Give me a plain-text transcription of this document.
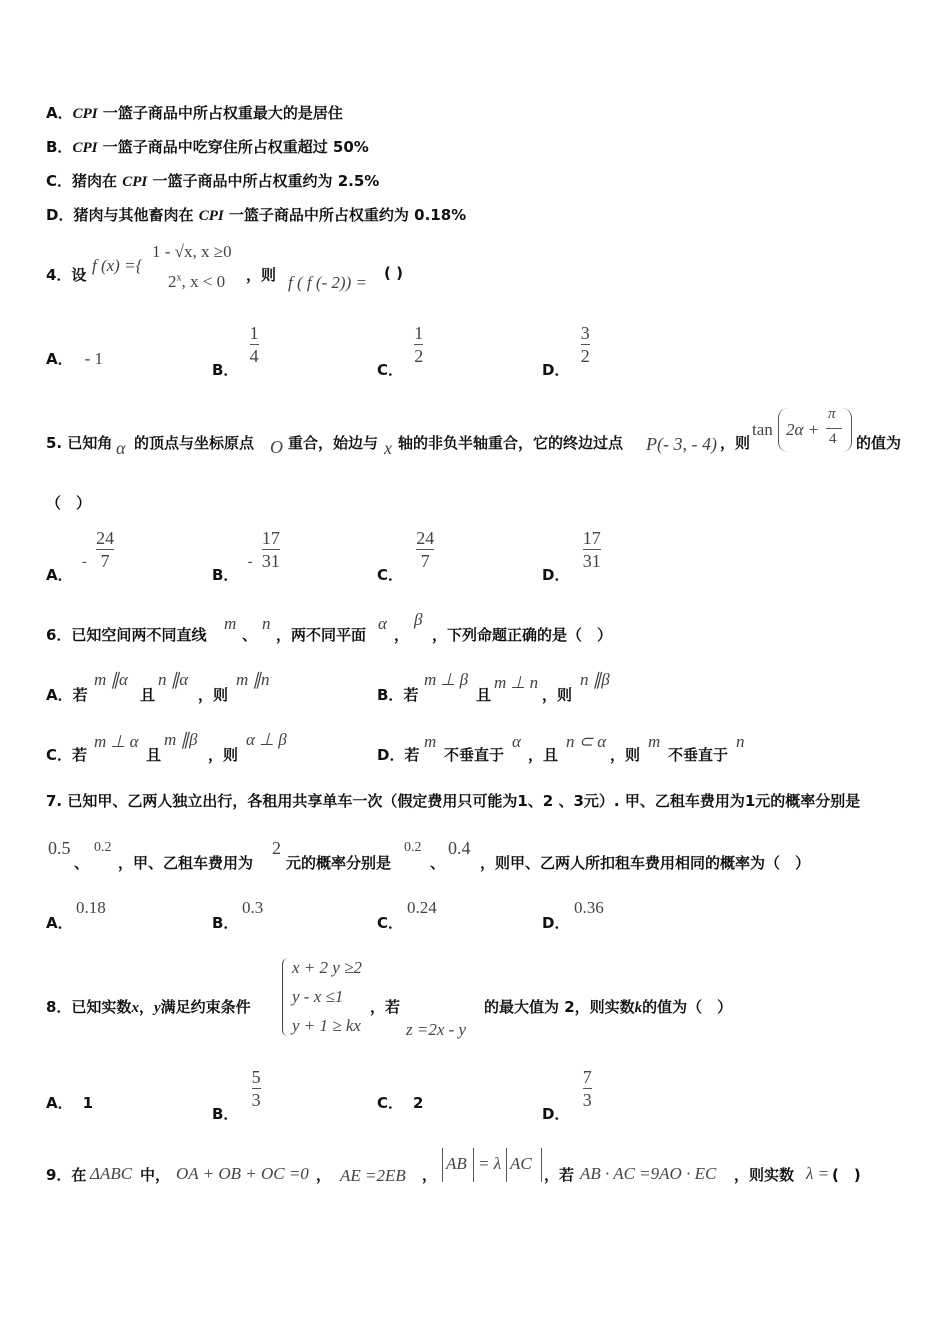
A．CPI 一篮子商品中所占权重最大的是居住
B．CPI 一篮子商品中吃穿住所占权重超过 50%
C．猪肉在 CPI 一篮子商品中所占权重约为 2.5%
D．猪肉与其他畜肉在 CPI 一篮子商品中所占权重约为 0.18%
4．设 f (x) ={
1 - √x, x ≥0
2$^x$, x < 0 ，则 f ( f (- 2)) = ( )
A． - 1
B．
$\frac{1}{4}$
C．
$\frac{1}{2}$
D．
$\frac{3}{2}$
5. 已知角 α 的顶点与坐标原点 O 重合，始边与 x 轴的非负半轴重合，它的终边过点 P(- 3, - 4) ，则
tan 2α +
π
4 的值为
（　）
A． - $\frac{24}{7}$
B． - $\frac{17}{31}$
C．
$\frac{24}{7}$
D．
$\frac{17}{31}$
6．已知空间两不同直线
m
、
n
，两不同平面
α
，
β
，下列命题正确的是（　）
A．若
m ∥α
且
n ∥α
，则
m ∥n
B．若
m ⊥ β
且
m ⊥ n
，则
n ∥β
C．若
m ⊥ α
且
m ∥β
，则
α ⊥ β
D．若
m
不垂直于
α
，且
n ⊂ α
，则
m
不垂直于
n
7. 已知甲、乙两人独立出行，各租用共享单车一次（假定费用只可能为1、2 、3元）. 甲、乙租车费用为1元的概率分别是
0.5
、
0.2
，甲、乙租车费用为
2
元的概率分别是
0.2
、
0.4
，则甲、乙两人所扣租车费用相同的概率为（　）
A．
0.18
B．
0.3
C．
0.24
D．
0.36
8．已知实数x，y满足约束条件
x + 2 y ≥2
y - x ≤1
y + 1 ≥ kx
，若
z =2x - y
的最大值为 2，则实数k的值为（　）
A． 1
B．
$\frac{5}{3}$	C． 2
D．
$\frac{7}{3}$
9．在 ΔABC 中， OA + OB + OC =0 ， AE =2EB ，
AB = λ AC
，若 AB · AC =9AO · EC ，则实数 λ = (　)
